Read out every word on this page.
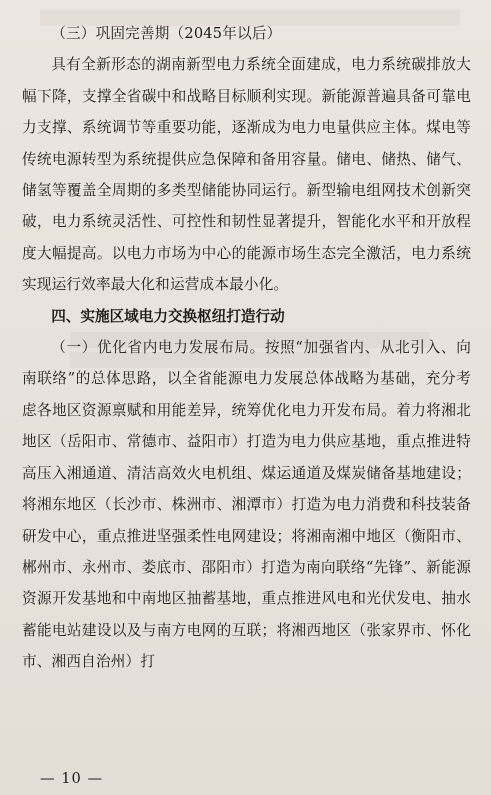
（三）巩固完善期（2045年以后）

具有全新形态的湖南新型电力系统全面建成，电力系统碳排放大幅下降，支撑全省碳中和战略目标顺利实现。新能源普遍具备可靠电力支撑、系统调节等重要功能，逐渐成为电力电量供应主体。煤电等传统电源转型为系统提供应急保障和备用容量。储电、储热、储气、储氢等覆盖全周期的多类型储能协同运行。新型输电组网技术创新突破，电力系统灵活性、可控性和韧性显著提升，智能化水平和开放程度大幅提高。以电力市场为中心的能源市场生态完全激活，电力系统实现运行效率最大化和运营成本最小化。

四、实施区域电力交换枢纽打造行动

（一）优化省内电力发展布局。按照“加强省内、从北引入、向南联络”的总体思路，以全省能源电力发展总体战略为基础，充分考虑各地区资源禀赋和用能差异，统筹优化电力开发布局。着力将湘北地区（岳阳市、常德市、益阳市）打造为电力供应基地，重点推进特高压入湘通道、清洁高效火电机组、煤运通道及煤炭储备基地建设；将湘东地区（长沙市、株洲市、湘潭市）打造为电力消费和科技装备研发中心，重点推进坚强柔性电网建设；将湘南湘中地区（衡阳市、郴州市、永州市、娄底市、邵阳市）打造为南向联络“先锋”、新能源资源开发基地和中南地区抽蓄基地，重点推进风电和光伏发电、抽水蓄能电站建设以及与南方电网的互联；将湘西地区（张家界市、怀化市、湘西自治州）打

— 10 —
